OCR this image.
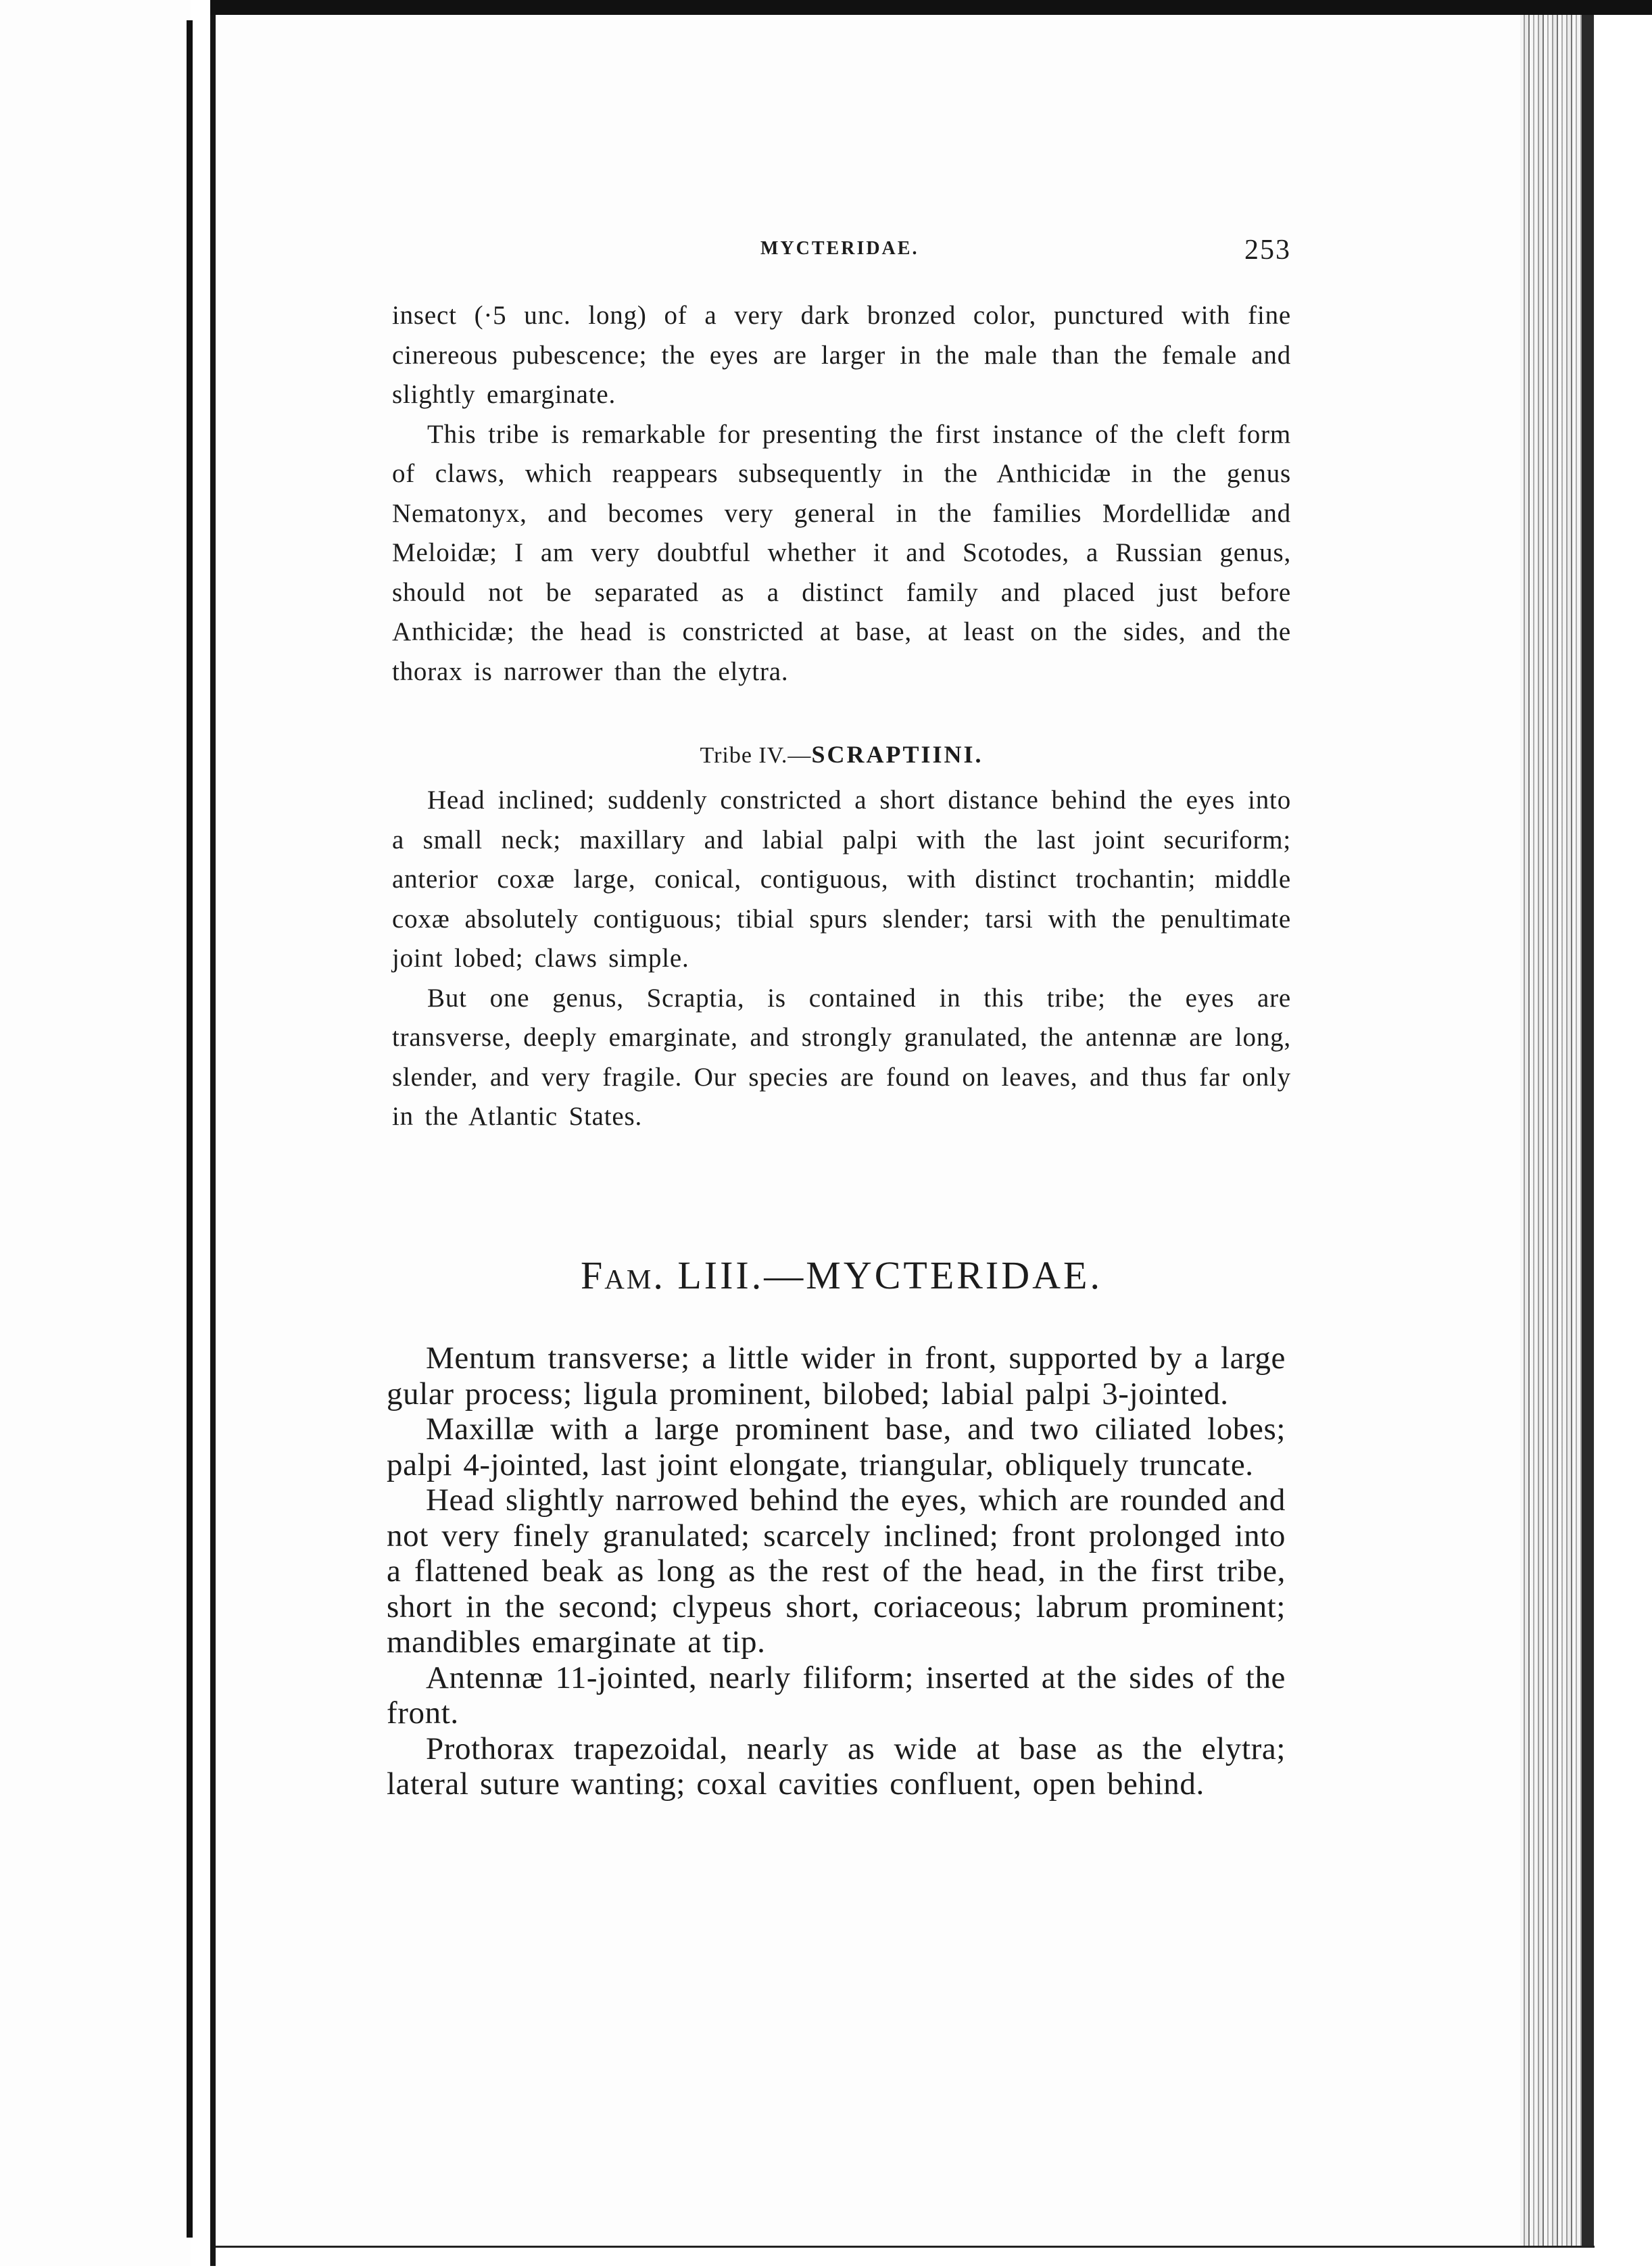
MYCTERIDAE.	253

insect (·5 unc. long) of a very dark bronzed color, punctured with fine cinereous pubescence; the eyes are larger in the male than the female and slightly emarginate.

This tribe is remarkable for presenting the first instance of the cleft form of claws, which reappears subsequently in the Anthicidæ in the genus Nematonyx, and becomes very general in the families Mordellidæ and Meloidæ; I am very doubtful whether it and Scotodes, a Russian genus, should not be separated as a distinct family and placed just before Anthicidæ; the head is constricted at base, at least on the sides, and the thorax is narrower than the elytra.

Tribe IV.—SCRAPTIINI.

Head inclined; suddenly constricted a short distance behind the eyes into a small neck; maxillary and labial palpi with the last joint securiform; anterior coxæ large, conical, contiguous, with distinct trochantin; middle coxæ absolutely contiguous; tibial spurs slender; tarsi with the penultimate joint lobed; claws simple.

But one genus, Scraptia, is contained in this tribe; the eyes are transverse, deeply emarginate, and strongly granulated, the antennæ are long, slender, and very fragile. Our species are found on leaves, and thus far only in the Atlantic States.

Fam. LIII.—MYCTERIDAE.

Mentum transverse; a little wider in front, supported by a large gular process; ligula prominent, bilobed; labial palpi 3-jointed.

Maxillæ with a large prominent base, and two ciliated lobes; palpi 4-jointed, last joint elongate, triangular, obliquely truncate.

Head slightly narrowed behind the eyes, which are rounded and not very finely granulated; scarcely inclined; front prolonged into a flattened beak as long as the rest of the head, in the first tribe, short in the second; clypeus short, coriaceous; labrum prominent; mandibles emarginate at tip.

Antennæ 11-jointed, nearly filiform; inserted at the sides of the front.

Prothorax trapezoidal, nearly as wide at base as the elytra; lateral suture wanting; coxal cavities confluent, open behind.
